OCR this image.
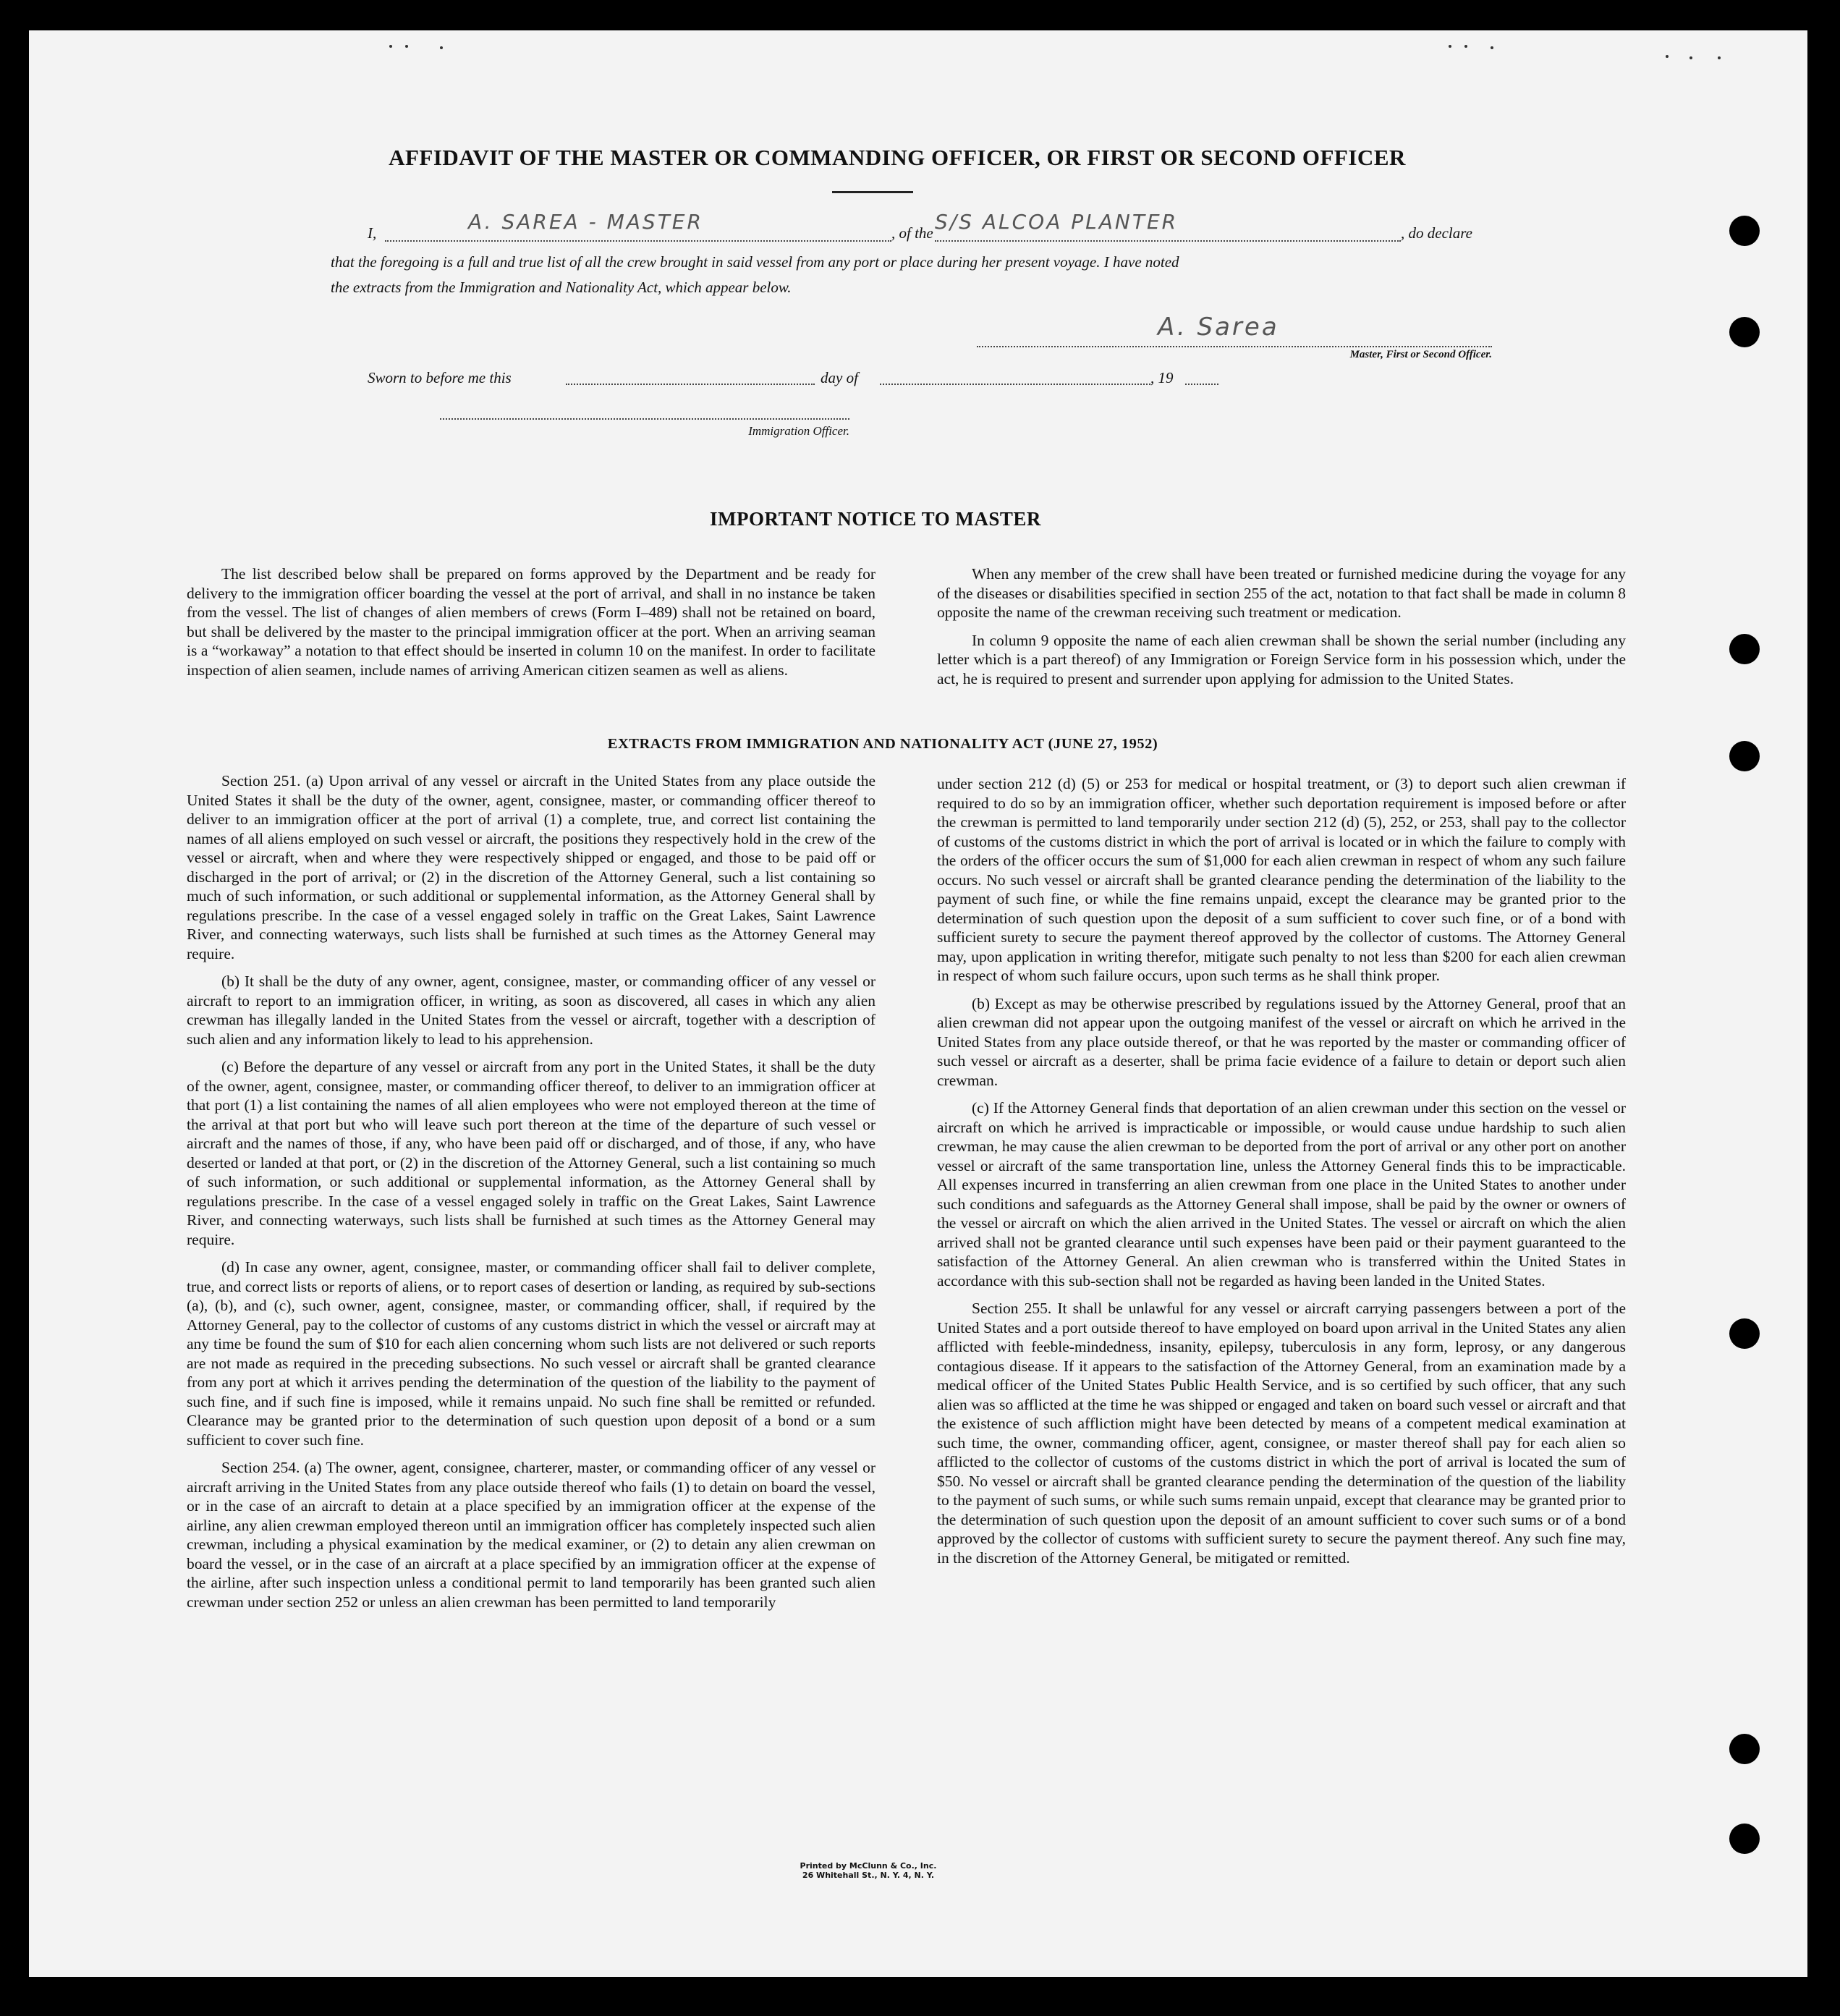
AFFIDAVIT OF THE MASTER OR COMMANDING OFFICER, OR FIRST OR SECOND OFFICER
I,	A. SAREA - MASTER	, of the S/S ALCOA PLANTER	, do declare
that the foregoing is a full and true list of all the crew brought in said vessel from any port or place during her present voyage. I have noted
the extracts from the Immigration and Nationality Act, which appear below.
A. Sarea
Master, First or Second Officer.
Sworn to before me this	day of	, 19
Immigration Officer.
IMPORTANT NOTICE TO MASTER

The list described below shall be prepared on forms approved by the Department and be ready for delivery to the immigration officer boarding the vessel at the port of arrival, and shall in no instance be taken from the vessel. The list of changes of alien members of crews (Form I–489) shall not be retained on board, but shall be delivered by the master to the principal immigration officer at the port. When an arriving seaman is a “workaway” a notation to that effect should be inserted in column 10 on the manifest. In order to facilitate inspection of alien seamen, include names of arriving American citizen seamen as well as aliens.

When any member of the crew shall have been treated or furnished medicine during the voyage for any of the diseases or disabilities specified in section 255 of the act, notation to that fact shall be made in column 8 opposite the name of the crewman receiving such treatment or medication.

In column 9 opposite the name of each alien crewman shall be shown the serial number (including any letter which is a part thereof) of any Immigration or Foreign Service form in his possession which, under the act, he is required to present and surrender upon applying for admission to the United States.

EXTRACTS FROM IMMIGRATION AND NATIONALITY ACT (JUNE 27, 1952)

Section 251. (a) Upon arrival of any vessel or aircraft in the United States from any place outside the United States it shall be the duty of the owner, agent, consignee, master, or commanding officer thereof to deliver to an immigration officer at the port of arrival (1) a complete, true, and correct list containing the names of all aliens employed on such vessel or aircraft, the positions they respectively hold in the crew of the vessel or aircraft, when and where they were respectively shipped or engaged, and those to be paid off or discharged in the port of arrival; or (2) in the discretion of the Attorney General, such a list containing so much of such information, or such additional or supplemental information, as the Attorney General shall by regulations prescribe. In the case of a vessel engaged solely in traffic on the Great Lakes, Saint Lawrence River, and connecting waterways, such lists shall be furnished at such times as the Attorney General may require.

(b) It shall be the duty of any owner, agent, consignee, master, or commanding officer of any vessel or aircraft to report to an immigration officer, in writing, as soon as discovered, all cases in which any alien crewman has illegally landed in the United States from the vessel or aircraft, together with a description of such alien and any information likely to lead to his apprehension.

(c) Before the departure of any vessel or aircraft from any port in the United States, it shall be the duty of the owner, agent, consignee, master, or commanding officer thereof, to deliver to an immigration officer at that port (1) a list containing the names of all alien employees who were not employed thereon at the time of the arrival at that port but who will leave such port thereon at the time of the departure of such vessel or aircraft and the names of those, if any, who have been paid off or discharged, and of those, if any, who have deserted or landed at that port, or (2) in the discretion of the Attorney General, such a list containing so much of such information, or such additional or supplemental information, as the Attorney General shall by regulations prescribe. In the case of a vessel engaged solely in traffic on the Great Lakes, Saint Lawrence River, and connecting waterways, such lists shall be furnished at such times as the Attorney General may require.

(d) In case any owner, agent, consignee, master, or commanding officer shall fail to deliver complete, true, and correct lists or reports of aliens, or to report cases of desertion or landing, as required by sub-sections (a), (b), and (c), such owner, agent, consignee, master, or commanding officer, shall, if required by the Attorney General, pay to the collector of customs of any customs district in which the vessel or aircraft may at any time be found the sum of $10 for each alien concerning whom such lists are not delivered or such reports are not made as required in the preceding subsections. No such vessel or aircraft shall be granted clearance from any port at which it arrives pending the determination of the question of the liability to the payment of such fine, and if such fine is imposed, while it remains unpaid. No such fine shall be remitted or refunded. Clearance may be granted prior to the determination of such question upon deposit of a bond or a sum sufficient to cover such fine.

Section 254. (a) The owner, agent, consignee, charterer, master, or commanding officer of any vessel or aircraft arriving in the United States from any place outside thereof who fails (1) to detain on board the vessel, or in the case of an aircraft to detain at a place specified by an immigration officer at the expense of the airline, any alien crewman employed thereon until an immigration officer has completely inspected such alien crewman, including a physical examination by the medical examiner, or (2) to detain any alien crewman on board the vessel, or in the case of an aircraft at a place specified by an immigration officer at the expense of the airline, after such inspection unless a conditional permit to land temporarily has been granted such alien crewman under section 252 or unless an alien crewman has been permitted to land temporarily

under section 212 (d) (5) or 253 for medical or hospital treatment, or (3) to deport such alien crewman if required to do so by an immigration officer, whether such deportation requirement is imposed before or after the crewman is permitted to land temporarily under section 212 (d) (5), 252, or 253, shall pay to the collector of customs of the customs district in which the port of arrival is located or in which the failure to comply with the orders of the officer occurs the sum of $1,000 for each alien crewman in respect of whom any such failure occurs. No such vessel or aircraft shall be granted clearance pending the determination of the liability to the payment of such fine, or while the fine remains unpaid, except the clearance may be granted prior to the determination of such question upon the deposit of a sum sufficient to cover such fine, or of a bond with sufficient surety to secure the payment thereof approved by the collector of customs. The Attorney General may, upon application in writing therefor, mitigate such penalty to not less than $200 for each alien crewman in respect of whom such failure occurs, upon such terms as he shall think proper.

(b) Except as may be otherwise prescribed by regulations issued by the Attorney General, proof that an alien crewman did not appear upon the outgoing manifest of the vessel or aircraft on which he arrived in the United States from any place outside thereof, or that he was reported by the master or commanding officer of such vessel or aircraft as a deserter, shall be prima facie evidence of a failure to detain or deport such alien crewman.

(c) If the Attorney General finds that deportation of an alien crewman under this section on the vessel or aircraft on which he arrived is impracticable or impossible, or would cause undue hardship to such alien crewman, he may cause the alien crewman to be deported from the port of arrival or any other port on another vessel or aircraft of the same transportation line, unless the Attorney General finds this to be impracticable. All expenses incurred in transferring an alien crewman from one place in the United States to another under such conditions and safeguards as the Attorney General shall impose, shall be paid by the owner or owners of the vessel or aircraft on which the alien arrived in the United States. The vessel or aircraft on which the alien arrived shall not be granted clearance until such expenses have been paid or their payment guaranteed to the satisfaction of the Attorney General. An alien crewman who is transferred within the United States in accordance with this sub-section shall not be regarded as having been landed in the United States.

Section 255. It shall be unlawful for any vessel or aircraft carrying passengers between a port of the United States and a port outside thereof to have employed on board upon arrival in the United States any alien afflicted with feeble-mindedness, insanity, epilepsy, tuberculosis in any form, leprosy, or any dangerous contagious disease. If it appears to the satisfaction of the Attorney General, from an examination made by a medical officer of the United States Public Health Service, and is so certified by such officer, that any such alien was so afflicted at the time he was shipped or engaged and taken on board such vessel or aircraft and that the existence of such affliction might have been detected by means of a competent medical examination at such time, the owner, commanding officer, agent, consignee, or master thereof shall pay for each alien so afflicted to the collector of customs of the customs district in which the port of arrival is located the sum of $50. No vessel or aircraft shall be granted clearance pending the determination of the question of the liability to the payment of such sums, or while such sums remain unpaid, except that clearance may be granted prior to the determination of such question upon the deposit of an amount sufficient to cover such sums or of a bond approved by the collector of customs with sufficient surety to secure the payment thereof. Any such fine may, in the discretion of the Attorney General, be mitigated or remitted.

Printed by McClunn & Co., Inc.
26 Whitehall St., N. Y. 4, N. Y.
